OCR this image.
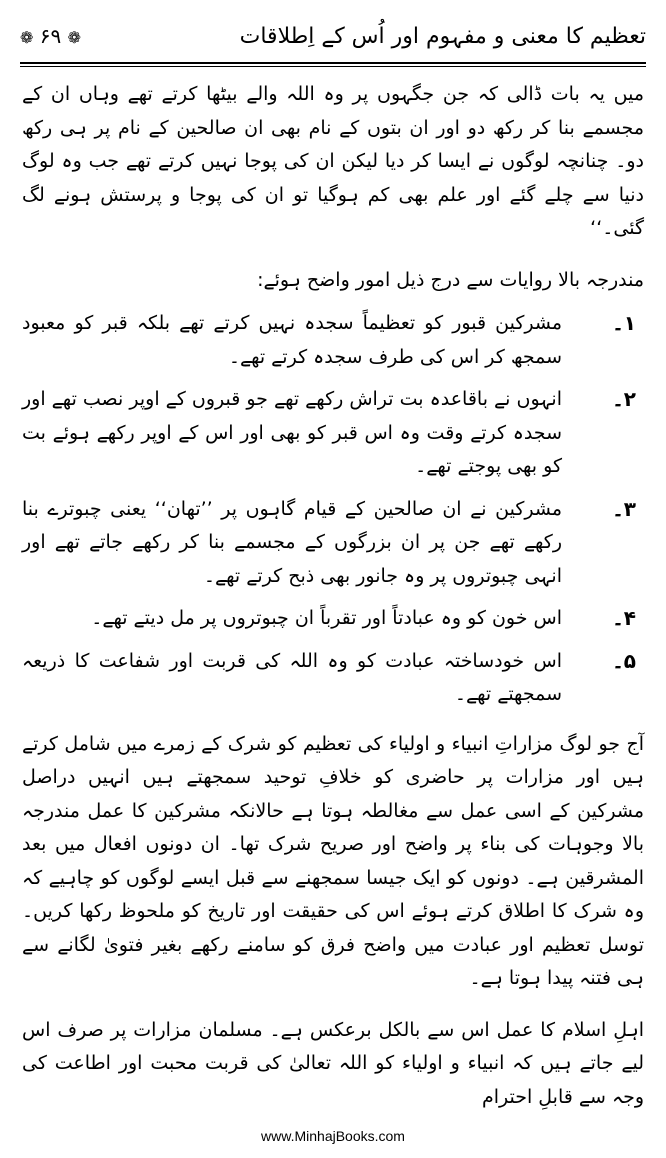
تعظیم کا معنی و مفہوم اور اُس کے اِطلاقات
❁ ۶۹ ❁

میں یہ بات ڈالی کہ جن جگہوں پر وہ اللہ والے بیٹھا کرتے تھے وہاں ان کے مجسمے بنا کر رکھ دو اور ان بتوں کے نام بھی ان صالحین کے نام پر ہی رکھ دو۔ چنانچہ لوگوں نے ایسا کر دیا لیکن ان کی پوجا نہیں کرتے تھے جب وہ لوگ دنیا سے چلے گئے اور علم بھی کم ہوگیا تو ان کی پوجا و پرستش ہونے لگ گئی۔‘‘

مندرجہ بالا روایات سے درج ذیل امور واضح ہوئے:

١۔

مشرکین قبور کو تعظیماً سجدہ نہیں کرتے تھے بلکہ قبر کو معبود سمجھ کر اس کی طرف سجدہ کرتے تھے۔

۲۔

انہوں نے باقاعدہ بت تراش رکھے تھے جو قبروں کے اوپر نصب تھے اور سجدہ کرتے وقت وہ اس قبر کو بھی اور اس کے اوپر رکھے ہوئے بت کو بھی پوجتے تھے۔

۳۔

مشرکین نے ان صالحین کے قیام گاہوں پر ’’تھان‘‘ یعنی چبوترے بنا رکھے تھے جن پر ان بزرگوں کے مجسمے بنا کر رکھے جاتے تھے اور انہی چبوتروں پر وہ جانور بھی ذبح کرتے تھے۔

۴۔

اس خون کو وہ عبادتاً اور تقرباً ان چبوتروں پر مل دیتے تھے۔

۵۔

اس خودساختہ عبادت کو وہ اللہ کی قربت اور شفاعت کا ذریعہ سمجھتے تھے۔

آج جو لوگ مزاراتِ انبیاء و اولیاء کی تعظیم کو شرک کے زمرے میں شامل کرتے ہیں اور مزارات پر حاضری کو خلافِ توحید سمجھتے ہیں انہیں دراصل مشرکین کے اسی عمل سے مغالطہ ہوتا ہے حالانکہ مشرکین کا عمل مندرجہ بالا وجوہات کی بناء پر واضح اور صریح شرک تھا۔ ان دونوں افعال میں بعد المشرقین ہے۔ دونوں کو ایک جیسا سمجھنے سے قبل ایسے لوگوں کو چاہیے کہ وہ شرک کا اطلاق کرتے ہوئے اس کی حقیقت اور تاریخ کو ملحوظ رکھا کریں۔ توسل تعظیم اور عبادت میں واضح فرق کو سامنے رکھے بغیر فتویٰ لگانے سے ہی فتنہ پیدا ہوتا ہے۔

اہلِ اسلام کا عمل اس سے بالکل برعکس ہے۔ مسلمان مزارات پر صرف اس لیے جاتے ہیں کہ انبیاء و اولیاء کو اللہ تعالیٰ کی قربت محبت اور اطاعت کی وجہ سے قابلِ احترام

www.MinhajBooks.com
